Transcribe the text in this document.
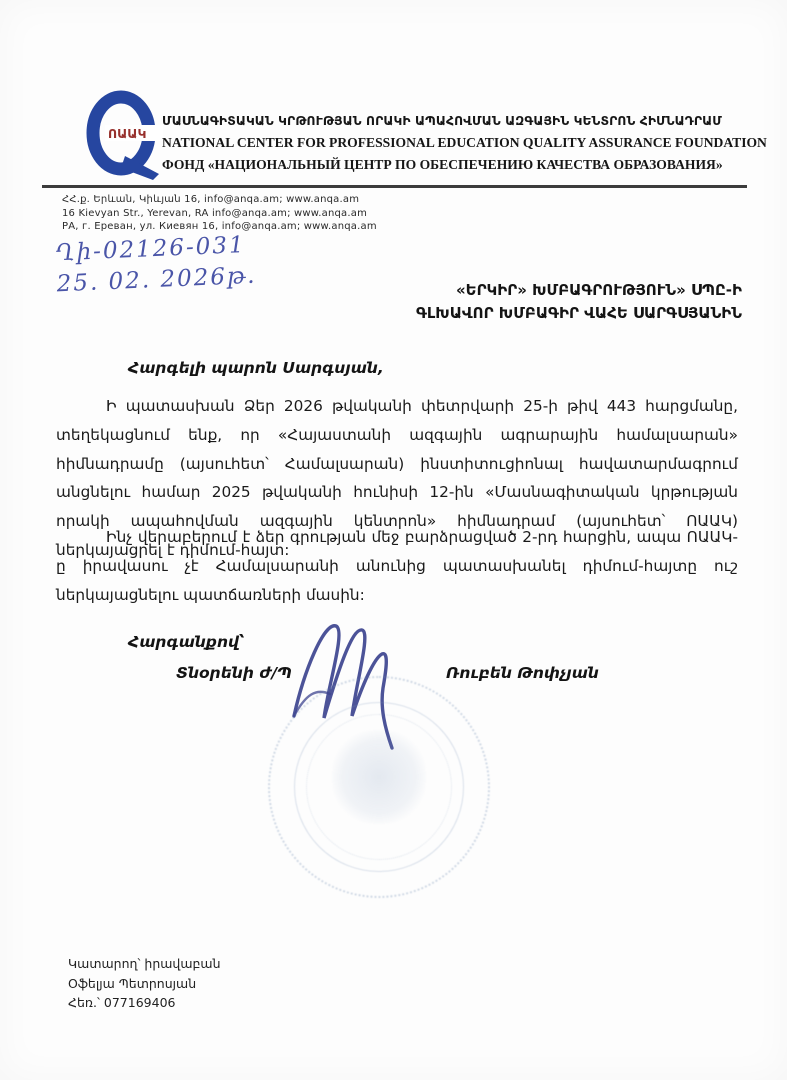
ՈԱԱԿ
ՄԱՍՆԱԳԻՏԱԿԱՆ ԿՐԹՈՒԹՅԱՆ ՈՐԱԿԻ ԱՊԱՀՈՎՄԱՆ ԱԶԳԱՅԻՆ ԿԵՆՏՐՈՆ ՀԻՄՆԱԴՐԱՄ
NATIONAL CENTER FOR PROFESSIONAL EDUCATION QUALITY ASSURANCE FOUNDATION
ФОНД «НАЦИОНАЛЬНЫЙ ЦЕНТР ПО ОБЕСПЕЧЕНИЮ КАЧЕСТВА ОБРАЗОВАНИЯ»
ՀՀ.ք. Երևան, Կիևյան 16, info@anqa.am; www.anqa.am
16 Kievyan Str., Yerevan, RA info@anqa.am; www.anqa.am
РА, г. Ереван, ул. Киевян 16, info@anqa.am; www.anqa.am
Ղի-02126-031
25. 02. 2026թ.	«ԵՐԿԻՐ» ԽՄԲԱԳՐՈՒԹՅՈՒՆ» ՍՊԸ-Ի
ԳԼԽԱՎՈՐ ԽՄԲԱԳԻՐ ՎԱՀԵ ՍԱՐԳՍՅԱՆԻՆ
Հարգելի պարոն Սարգսյան,
Ի պատասխան Ձեր 2026 թվականի փետրվարի 25-ի թիվ 443 հարցմանը, տեղեկացնում ենք, որ «Հայաստանի ազգային ագրարային համալսարան» հիմնադրամը (այսուհետ՝ Համալսարան) ինստիտուցիոնալ հավատարմագրում անցնելու համար 2025 թվականի հունիսի 12-ին «Մասնագիտական կրթության որակի ապահովման ազգային կենտրոն» հիմնադրամ (այսուհետ՝ ՈԱԱԿ) ներկայացրել է դիմում-հայտ:
Ինչ վերաբերում է ձեր գրության մեջ բարձրացված 2-րդ հարցին, ապա ՈԱԱԿ-ը իրավասու չէ Համալսարանի անունից պատասխանել դիմում-հայտը ուշ ներկայացնելու պատճառների մասին:
Հարգանքով՝
Տնօրենի ժ/Պ	Ռուբեն Թոփչյան
Կատարող՝ իրավաբան
Օֆելյա Պետրոսյան
Հեռ.՝ 077169406
